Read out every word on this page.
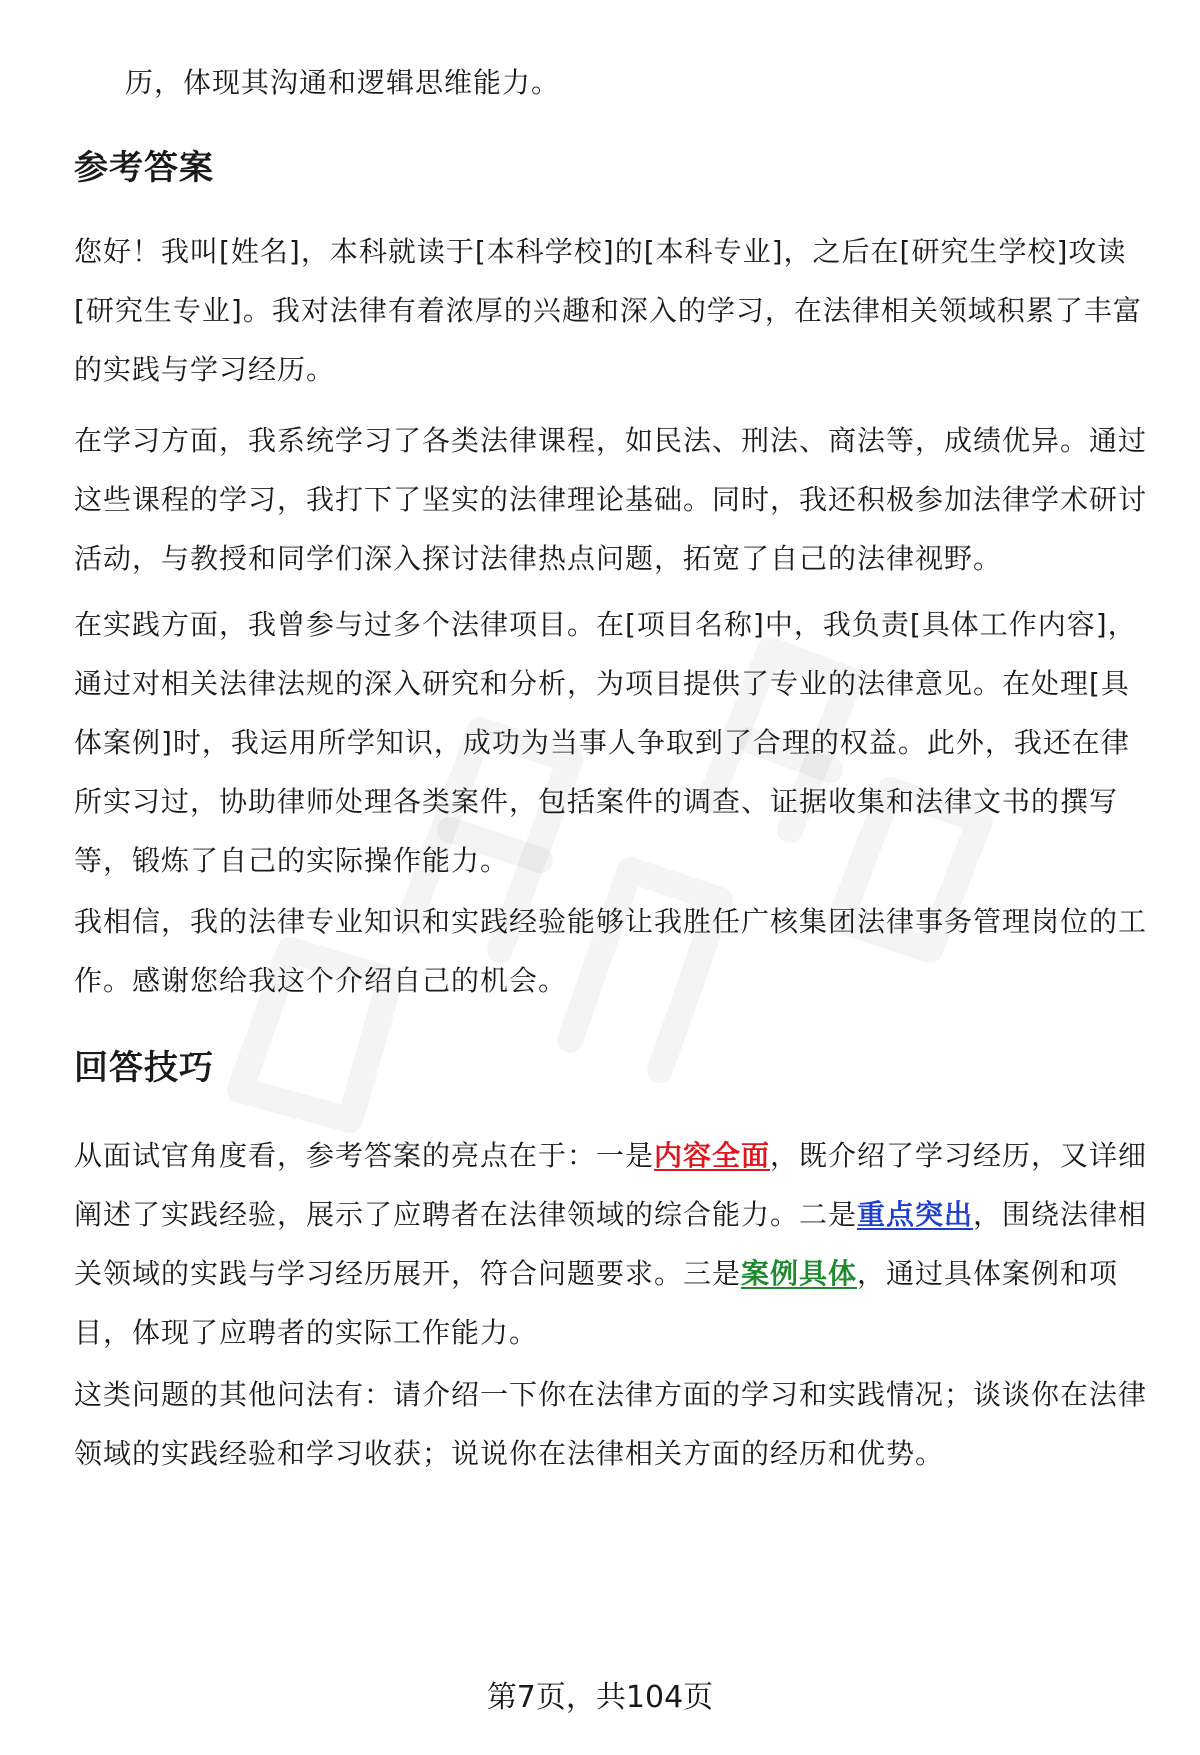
历，体现其沟通和逻辑思维能力。

参考答案

您好！我叫[姓名]，本科就读于[本科学校]的[本科专业]，之后在[研究生学校]攻读[研究生专业]。我对法律有着浓厚的兴趣和深入的学习，在法律相关领域积累了丰富的实践与学习经历。

在学习方面，我系统学习了各类法律课程，如民法、刑法、商法等，成绩优异。通过这些课程的学习，我打下了坚实的法律理论基础。同时，我还积极参加法律学术研讨活动，与教授和同学们深入探讨法律热点问题，拓宽了自己的法律视野。

在实践方面，我曾参与过多个法律项目。在[项目名称]中，我负责[具体工作内容]，通过对相关法律法规的深入研究和分析，为项目提供了专业的法律意见。在处理[具体案例]时，我运用所学知识，成功为当事人争取到了合理的权益。此外，我还在律所实习过，协助律师处理各类案件，包括案件的调查、证据收集和法律文书的撰写等，锻炼了自己的实际操作能力。

我相信，我的法律专业知识和实践经验能够让我胜任广核集团法律事务管理岗位的工作。感谢您给我这个介绍自己的机会。

回答技巧

从面试官角度看，参考答案的亮点在于：一是内容全面，既介绍了学习经历，又详细阐述了实践经验，展示了应聘者在法律领域的综合能力。二是重点突出，围绕法律相关领域的实践与学习经历展开，符合问题要求。三是案例具体，通过具体案例和项目，体现了应聘者的实际工作能力。

这类问题的其他问法有：请介绍一下你在法律方面的学习和实践情况；谈谈你在法律领域的实践经验和学习收获；说说你在法律相关方面的经历和优势。

第7页，共104页
